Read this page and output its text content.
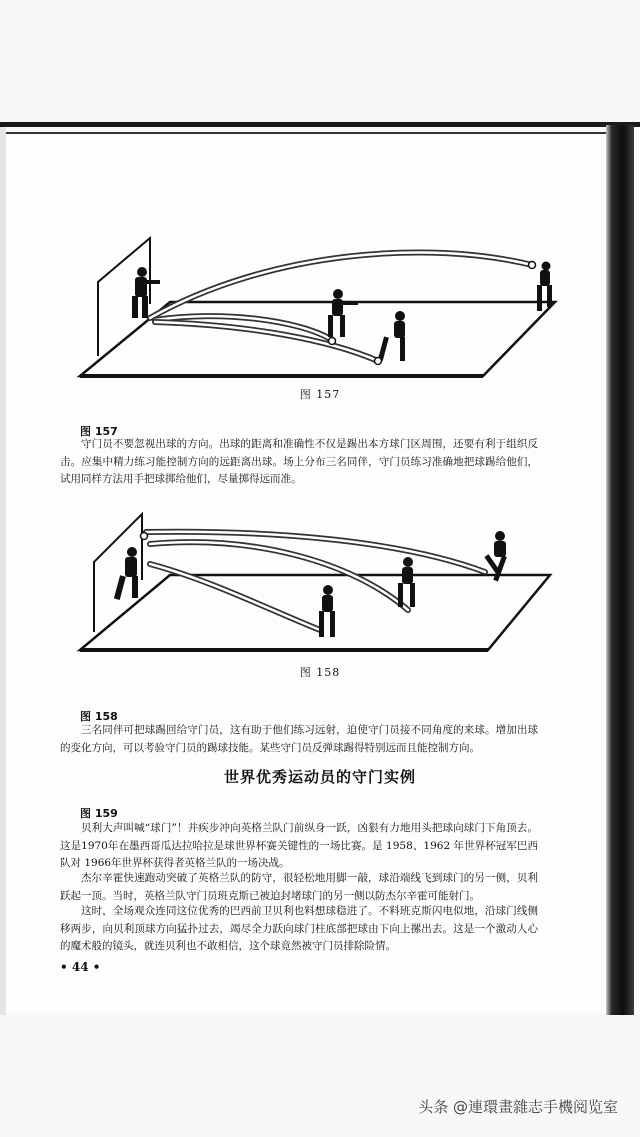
图 157
图 157
守门员不要忽视出球的方向。出球的距离和准确性不仅是踢出本方球门区周围，还要有利于组织反击。应集中精力练习能控制方向的远距离出球。场上分布三名同伴，守门员练习准确地把球踢给他们，试用同样方法用手把球掷给他们，尽量掷得远而准。
图 158
图 158
三名同伴可把球踢回给守门员，这有助于他们练习远射，迫使守门员接不同角度的来球。增加出球的变化方向，可以考验守门员的踢球技能。某些守门员反弹球踢得特别远而且能控制方向。
世界优秀运动员的守门实例
图 159
贝利大声叫喊“球门”！并疾步冲向英格兰队门前纵身一跃，凶狠有力地用头把球向球门下角顶去。这是1970年在墨西哥瓜达拉哈拉是球世界杯赛关键性的一场比赛。是 1958、1962 年世界杯冠军巴西队对 1966年世界杯获得者英格兰队的一场决战。
杰尔辛霍快速跑动突破了英格兰队的防守，很轻松地用脚一敲，球沿端线飞到球门的另一侧，贝利跃起一顶。当时，英格兰队守门员班克斯已被迫封堵球门的另一侧以防杰尔辛霍可能射门。
这时，全场观众连同这位优秀的巴西前卫贝利也料想球稳进了。不料班克斯闪电似地，沿球门线侧移两步，向贝利顶球方向猛扑过去，竭尽全力跃向球门柱底部把球由下向上摞出去。这是一个激动人心的魔术般的镜头，就连贝利也不敢相信，这个球竟然被守门员排除险情。
• 44 •
头条 @連環畫雜志手機阅览室
